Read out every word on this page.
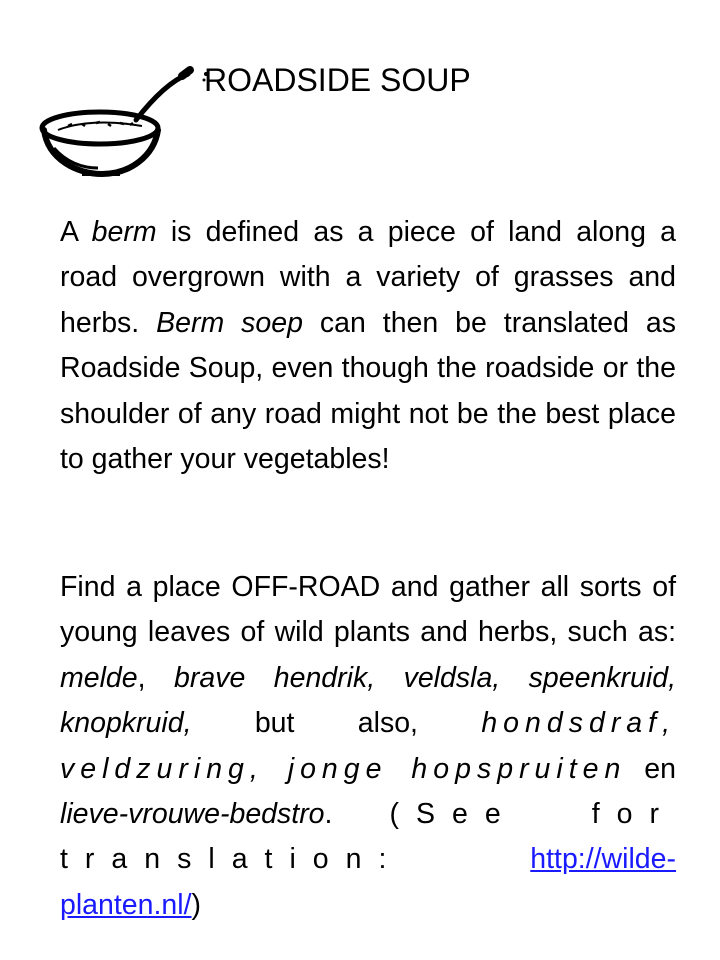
ROADSIDE SOUP

A berm is defined as a piece of land along a road overgrown with a variety of grasses and herbs. Berm soep can then be translated as Roadside Soup, even though the roadside or the shoulder of any road might not be the best place to gather your vegetables!

Find a place OFF-ROAD and gather all sorts of young leaves of wild plants and herbs, such as: melde, brave hendrik, veldsla, speenkruid, knopkruid, but also, hondsdraf, veldzuring, jonge hopspruiten en lieve-vrouwe-bedstro. (See for translation:	http://wilde-planten.nl/)
